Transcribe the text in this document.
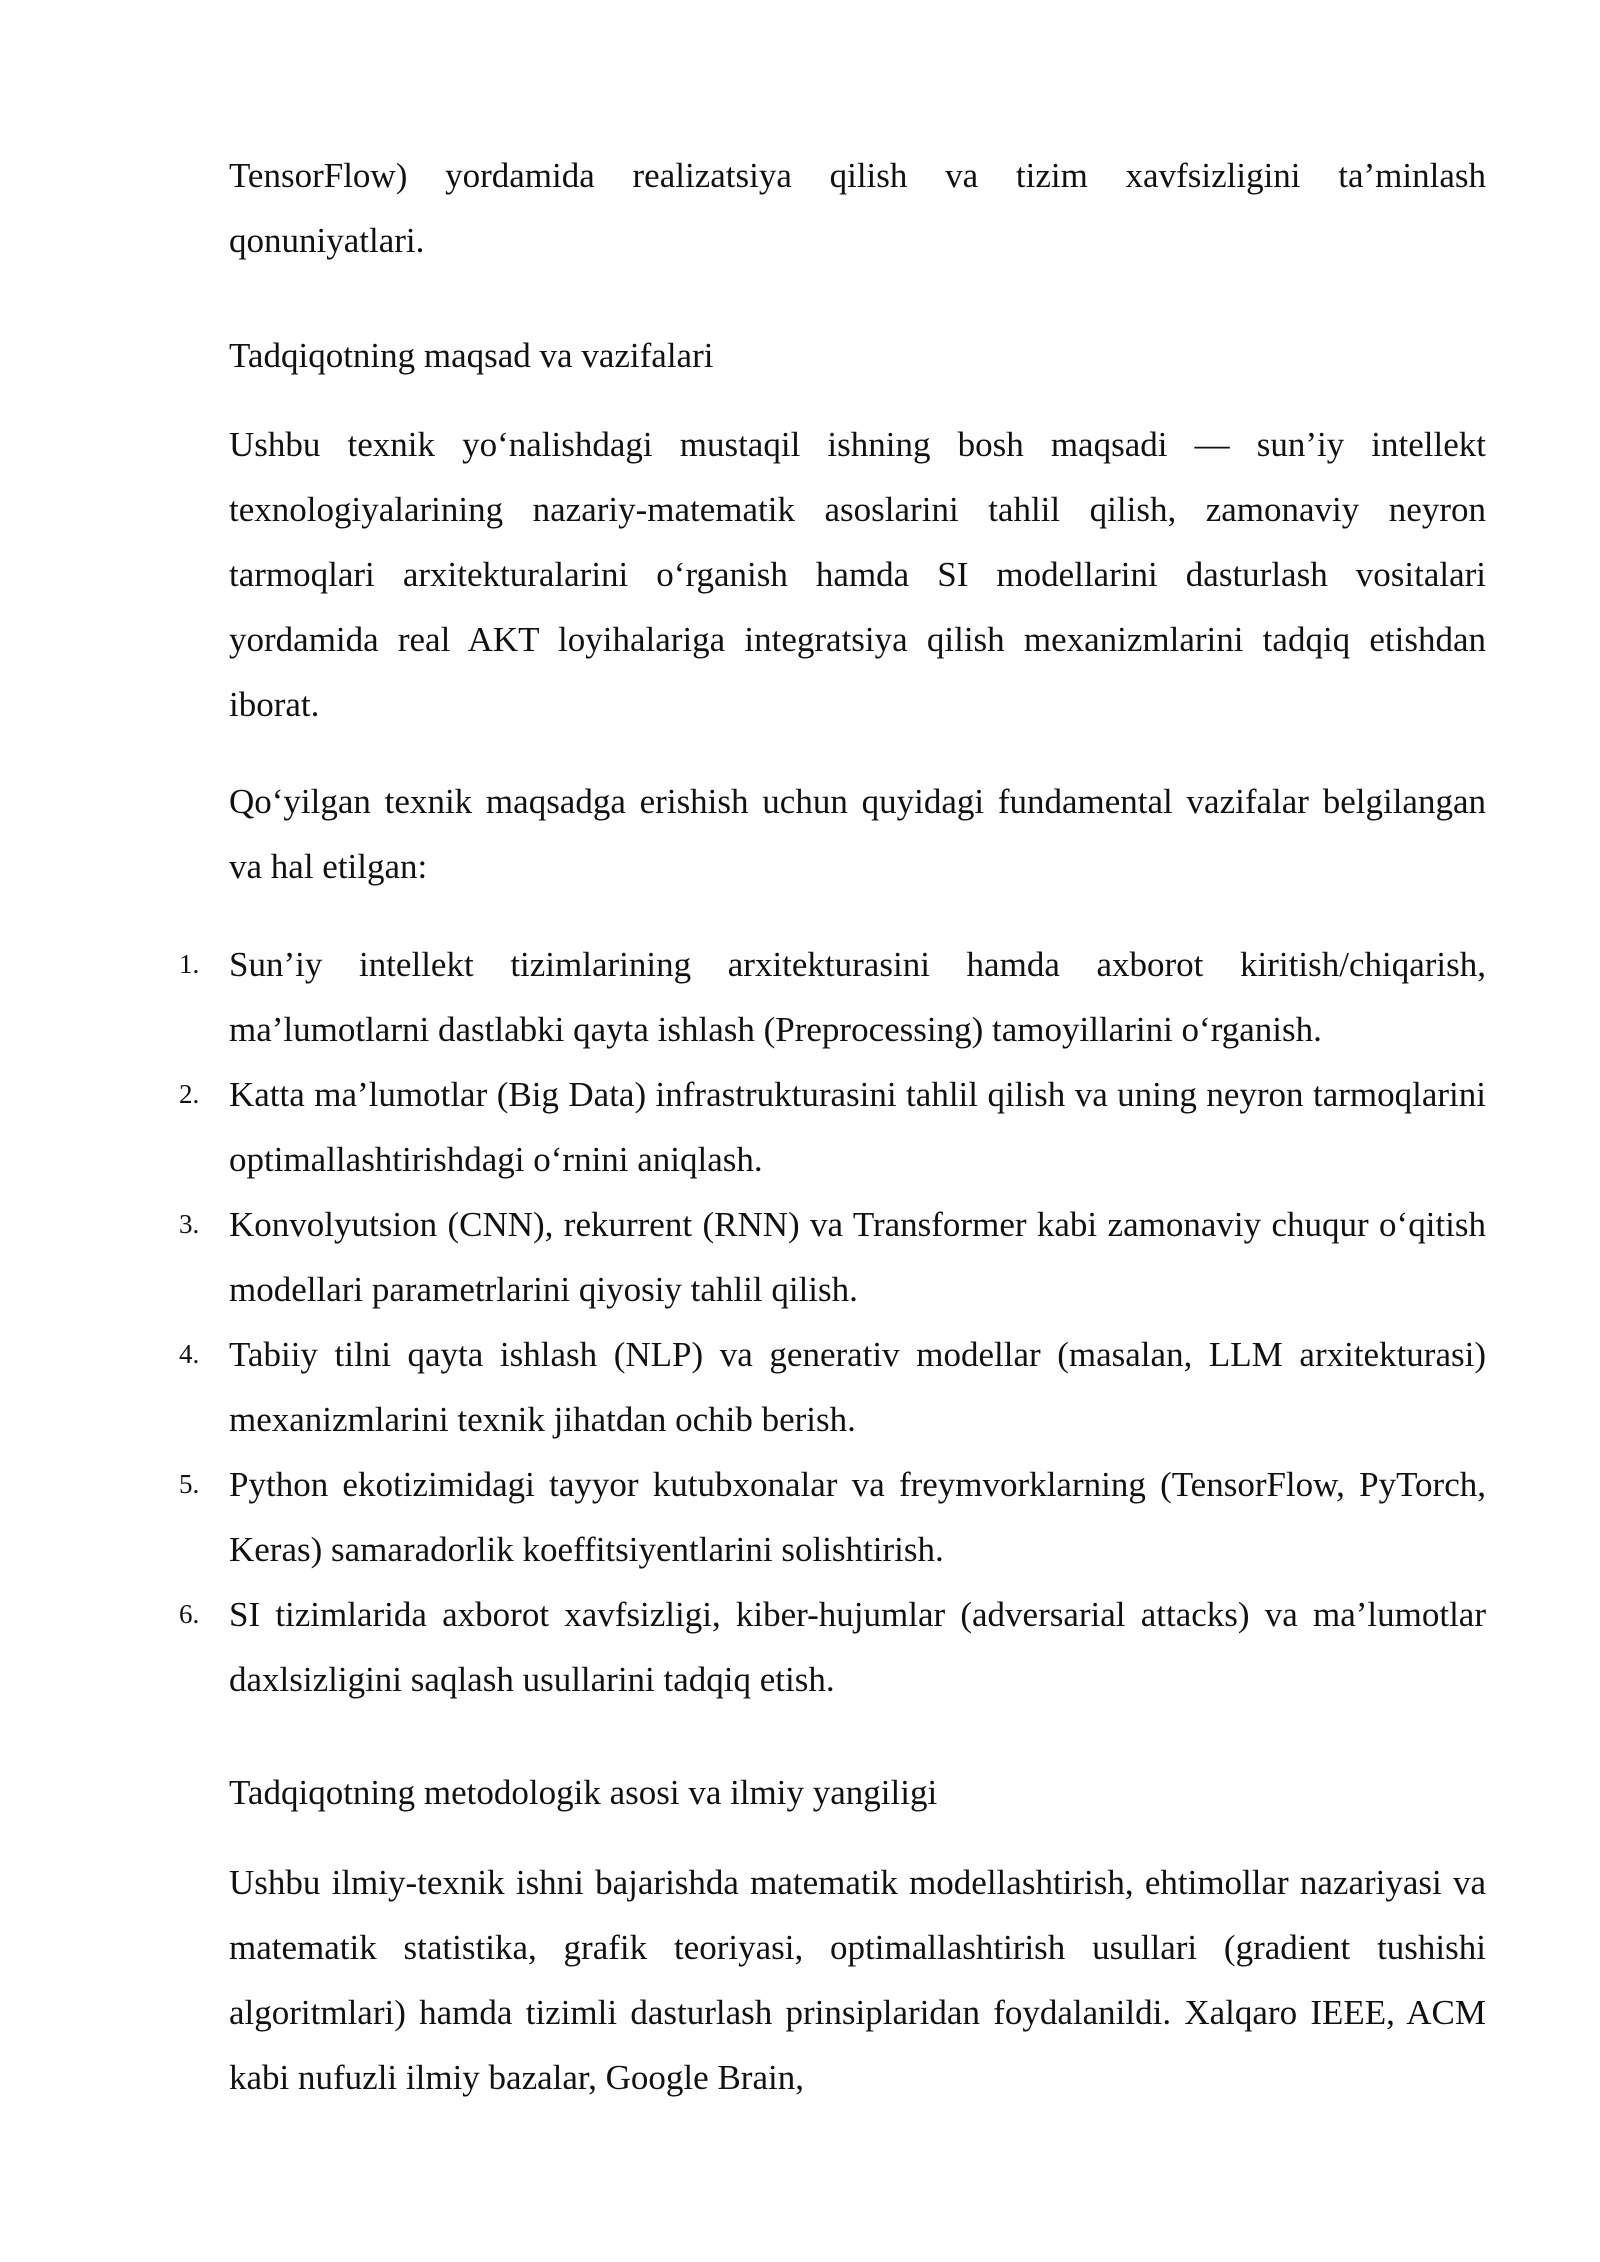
TensorFlow) yordamida realizatsiya qilish va tizim xavfsizligini ta’minlash qonuniyatlari.

Tadqiqotning maqsad va vazifalari

Ushbu texnik yo‘nalishdagi mustaqil ishning bosh maqsadi — sun’iy intellekt texnologiyalarining nazariy-matematik asoslarini tahlil qilish, zamonaviy neyron tarmoqlari arxitekturalarini o‘rganish hamda SI modellarini dasturlash vositalari yordamida real AKT loyihalariga integratsiya qilish mexanizmlarini tadqiq etishdan iborat.

Qo‘yilgan texnik maqsadga erishish uchun quyidagi fundamental vazifalar belgilangan va hal etilgan:

1. Sun’iy intellekt tizimlarining arxitekturasini hamda axborot kiritish/chiqarish, ma’lumotlarni dastlabki qayta ishlash (Preprocessing) tamoyillarini o‘rganish.
2. Katta ma’lumotlar (Big Data) infrastrukturasini tahlil qilish va uning neyron tarmoqlarini optimallashtirishdagi o‘rnini aniqlash.
3. Konvolyutsion (CNN), rekurrent (RNN) va Transformer kabi zamonaviy chuqur o‘qitish modellari parametrlarini qiyosiy tahlil qilish.
4. Tabiiy tilni qayta ishlash (NLP) va generativ modellar (masalan, LLM arxitekturasi) mexanizmlarini texnik jihatdan ochib berish.
5. Python ekotizimidagi tayyor kutubxonalar va freymvorklarning (TensorFlow, PyTorch, Keras) samaradorlik koeffitsiyentlarini solishtirish.
6. SI tizimlarida axborot xavfsizligi, kiber-hujumlar (adversarial attacks) va ma’lumotlar daxlsizligini saqlash usullarini tadqiq etish.

Tadqiqotning metodologik asosi va ilmiy yangiligi

Ushbu ilmiy-texnik ishni bajarishda matematik modellashtirish, ehtimollar nazariyasi va matematik statistika, grafik teoriyasi, optimallashtirish usullari (gradient tushishi algoritmlari) hamda tizimli dasturlash prinsiplaridan foydalanildi. Xalqaro IEEE, ACM kabi nufuzli ilmiy bazalar, Google Brain,
